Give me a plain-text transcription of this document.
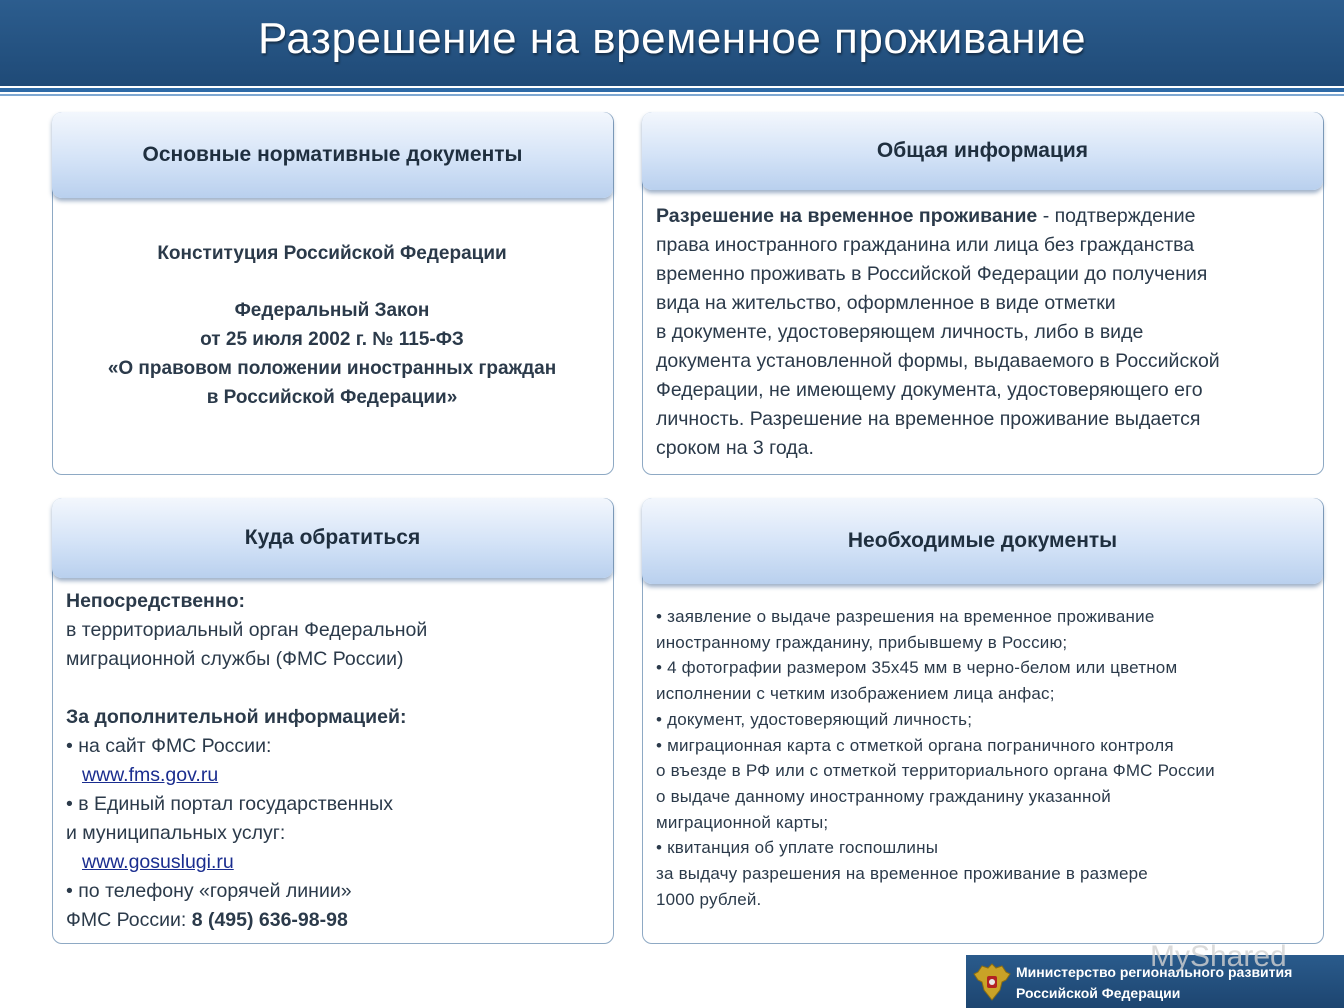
Разрешение на временное проживание
Основные нормативные документы
Конституция Российской Федерации
Федеральный Закон
от 25 июля 2002 г. № 115-ФЗ
«О правовом положении иностранных граждан
в Российской Федерации»
Общая информация
Разрешение на временное проживание - подтверждение
права иностранного гражданина или лица без гражданства
временно проживать в Российской Федерации до получения
вида на жительство, оформленное в виде отметки
в документе, удостоверяющем личность, либо в виде
документа установленной формы, выдаваемого в Российской
Федерации, не имеющему документа, удостоверяющего его
личность. Разрешение на временное проживание выдается
сроком на 3 года.
Куда обратиться
Непосредственно:
в территориальный орган Федеральной
миграционной службы (ФМС России)
За дополнительной информацией:
• на сайт ФМС России:
www.fms.gov.ru
• в Единый портал государственных
и муниципальных услуг:
www.gosuslugi.ru
• по телефону «горячей линии»
ФМС России: 8 (495) 636-98-98
Необходимые документы
• заявление о выдаче разрешения на временное проживание
иностранному гражданину, прибывшему в Россию;
• 4 фотографии размером 35х45 мм в черно-белом или цветном
исполнении с четким изображением лица анфас;
• документ, удостоверяющий личность;
• миграционная карта с отметкой органа пограничного контроля
о въезде в РФ или с отметкой территориального органа ФМС России
о выдаче данному иностранному гражданину указанной
миграционной карты;
• квитанция об уплате госпошлины
за выдачу разрешения на временное проживание в размере
1000 рублей.
Министерство регионального развития
Российской Федерации
MyShared
